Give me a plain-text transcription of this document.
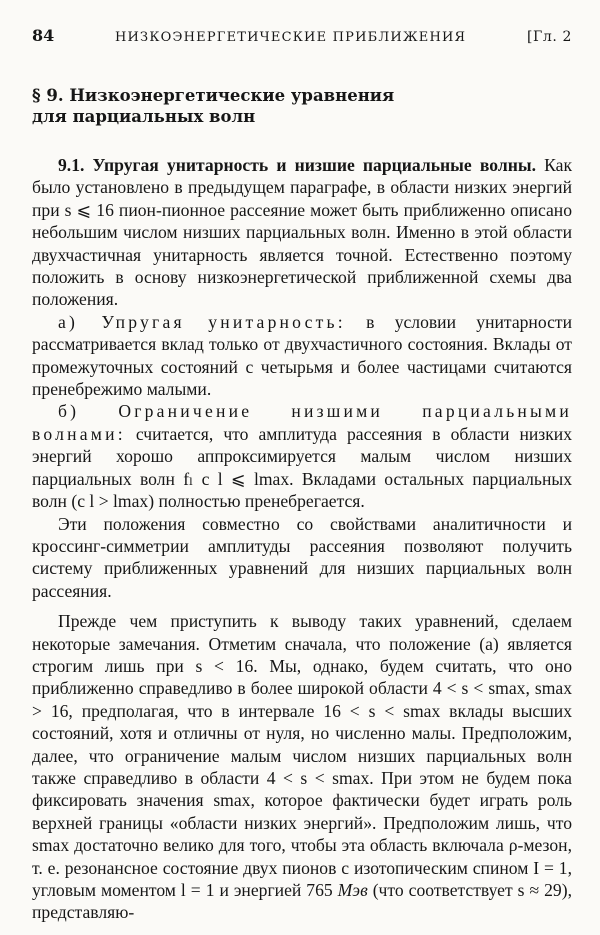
84	НИЗКОЭНЕРГЕТИЧЕСКИЕ ПРИБЛИЖЕНИЯ	[Гл. 2
§ 9. Низкоэнергетические уравнения
для парциальных волн

9.1. Упругая унитарность и низшие парциальные волны. Как было установлено в предыдущем параграфе, в области низких энергий при s ⩽ 16 пион-пионное рассеяние может быть приближенно описано небольшим числом низших парциальных волн. Именно в этой области двухчастичная унитарность является точной. Естественно поэтому положить в основу низкоэнергетической приближенной схемы два положения.

а) Упругая унитарность: в условии унитарности рассматривается вклад только от двухчастичного состояния. Вклады от промежуточных состояний с четырьмя и более частицами считаются пренебрежимо малыми.

б) Ограничение низшими парциальными волнами: считается, что амплитуда рассеяния в области низких энергий хорошо аппроксимируется малым числом низших парциальных волн fₗ с l ⩽ lmax. Вкладами остальных парциальных волн (с l > lmax) полностью пренебрегается.

Эти положения совместно со свойствами аналитичности и кроссинг-симметрии амплитуды рассеяния позволяют получить систему приближенных уравнений для низших парциальных волн рассеяния.

Прежде чем приступить к выводу таких уравнений, сделаем некоторые замечания. Отметим сначала, что положение (а) является строгим лишь при s < 16. Мы, однако, будем считать, что оно приближенно справедливо в более широкой области 4 < s < smax, smax > 16, предполагая, что в интервале 16 < s < smax вклады высших состояний, хотя и отличны от нуля, но численно малы. Предположим, далее, что ограничение малым числом низших парциальных волн также справедливо в области 4 < s < smax. При этом не будем пока фиксировать значения smax, которое фактически будет играть роль верхней границы «области низких энергий». Предположим лишь, что smax достаточно велико для того, чтобы эта область включала ρ-мезон, т. е. резонансное состояние двух пионов с изотопическим спином I = 1, угловым моментом l = 1 и энергией 765 Мэв (что соответствует s ≈ 29), представляю-
